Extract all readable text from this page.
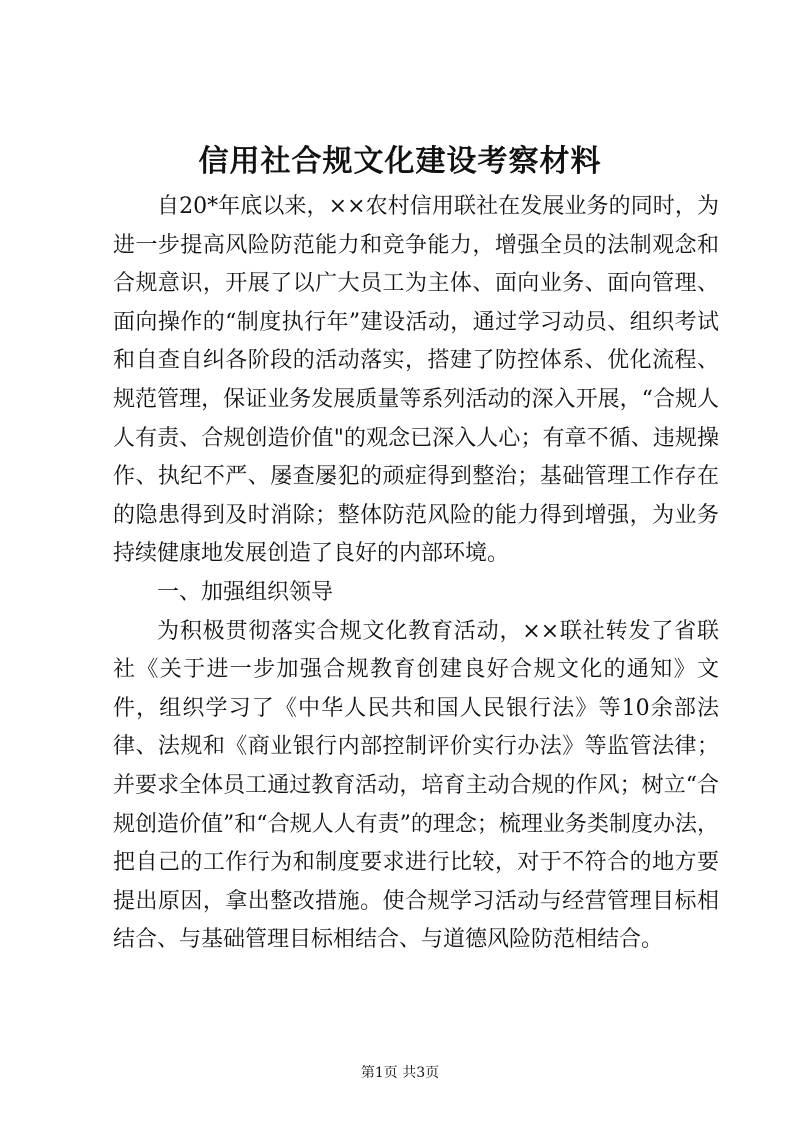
信用社合规文化建设考察材料

自20*年底以来，××农村信用联社在发展业务的同时，为进一步提高风险防范能力和竞争能力，增强全员的法制观念和合规意识，开展了以广大员工为主体、面向业务、面向管理、面向操作的“制度执行年”建设活动，通过学习动员、组织考试和自查自纠各阶段的活动落实，搭建了防控体系、优化流程、规范管理，保证业务发展质量等系列活动的深入开展，“合规人人有责、合规创造价值"的观念已深入人心；有章不循、违规操作、执纪不严、屡查屡犯的顽症得到整治；基础管理工作存在的隐患得到及时消除；整体防范风险的能力得到增强，为业务持续健康地发展创造了良好的内部环境。

一、加强组织领导

为积极贯彻落实合规文化教育活动，××联社转发了省联社《关于进一步加强合规教育创建良好合规文化的通知》文件，组织学习了《中华人民共和国人民银行法》等10余部法律、法规和《商业银行内部控制评价实行办法》等监管法律；并要求全体员工通过教育活动，培育主动合规的作风；树立“合规创造价值”和“合规人人有责”的理念；梳理业务类制度办法，把自己的工作行为和制度要求进行比较，对于不符合的地方要提出原因，拿出整改措施。使合规学习活动与经营管理目标相结合、与基础管理目标相结合、与道德风险防范相结合。

第1页 共3页
